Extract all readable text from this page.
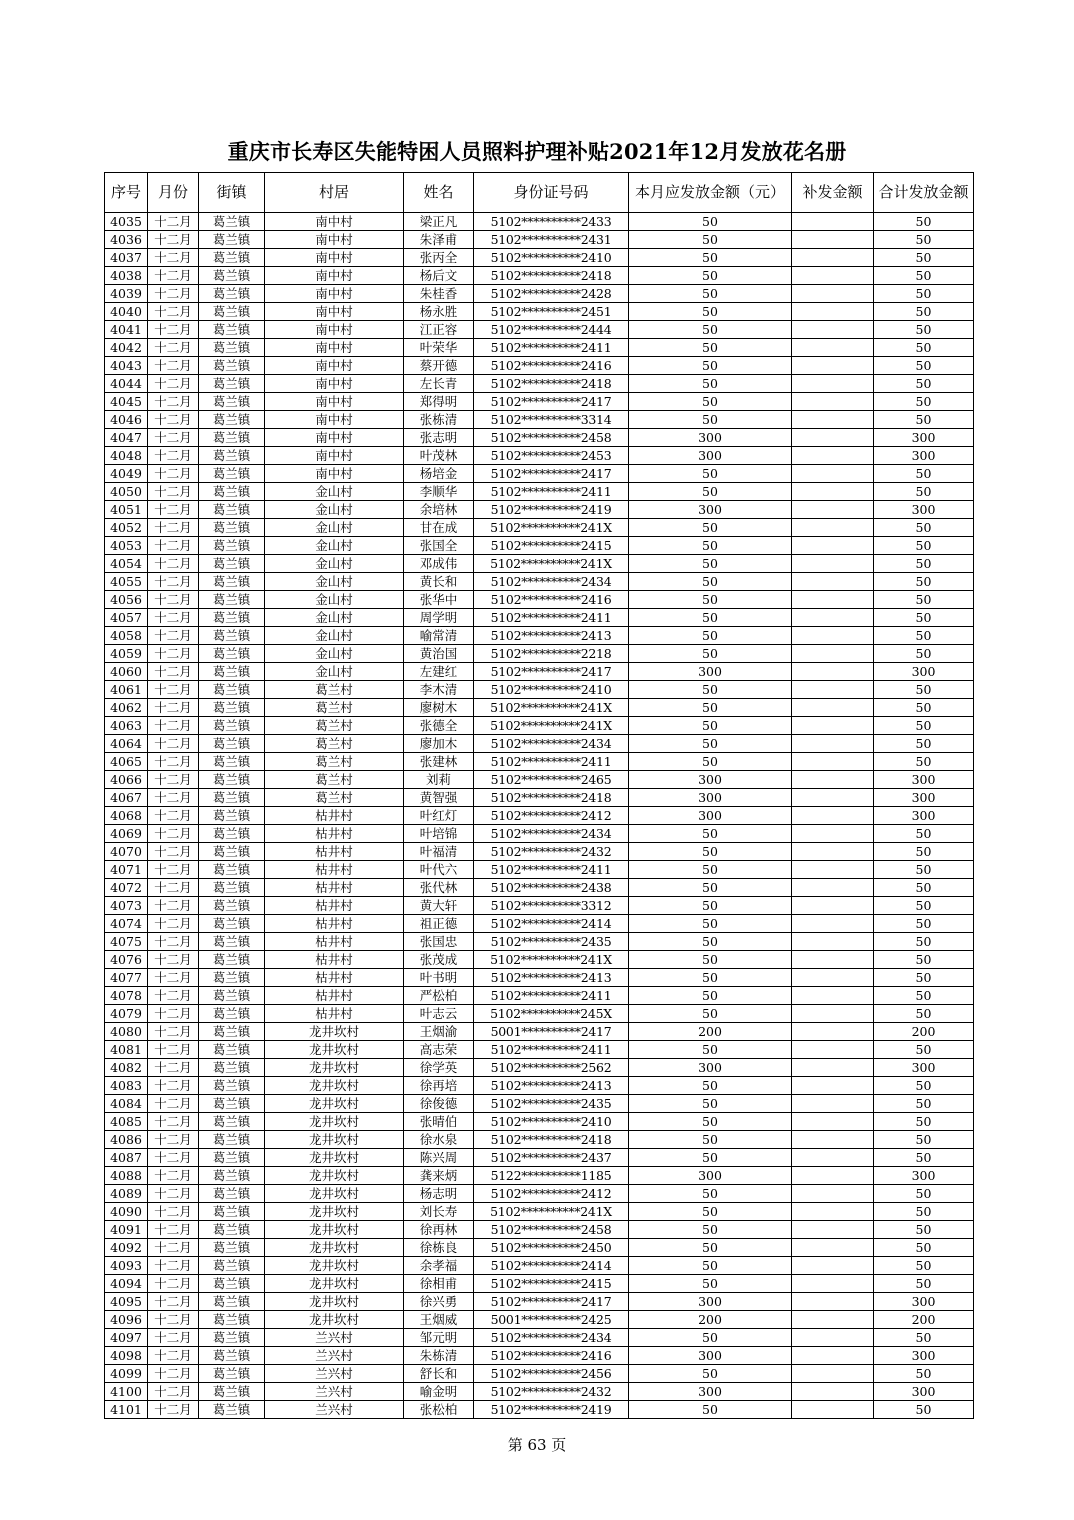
重庆市长寿区失能特困人员照料护理补贴2021年12月发放花名册
序号	月份	街镇	村居	姓名	身份证号码	本月应发放金额（元）	补发金额	合计发放金额
4035	十二月	葛兰镇	南中村	梁正凡	5102**********2433	50		50
4036	十二月	葛兰镇	南中村	朱泽甫	5102**********2431	50		50
4037	十二月	葛兰镇	南中村	张丙全	5102**********2410	50		50
4038	十二月	葛兰镇	南中村	杨后文	5102**********2418	50		50
4039	十二月	葛兰镇	南中村	朱桂香	5102**********2428	50		50
4040	十二月	葛兰镇	南中村	杨永胜	5102**********2451	50		50
4041	十二月	葛兰镇	南中村	江正容	5102**********2444	50		50
4042	十二月	葛兰镇	南中村	叶荣华	5102**********2411	50		50
4043	十二月	葛兰镇	南中村	蔡开德	5102**********2416	50		50
4044	十二月	葛兰镇	南中村	左长青	5102**********2418	50		50
4045	十二月	葛兰镇	南中村	郑得明	5102**********2417	50		50
4046	十二月	葛兰镇	南中村	张栋清	5102**********3314	50		50
4047	十二月	葛兰镇	南中村	张志明	5102**********2458	300		300
4048	十二月	葛兰镇	南中村	叶茂林	5102**********2453	300		300
4049	十二月	葛兰镇	南中村	杨培金	5102**********2417	50		50
4050	十二月	葛兰镇	金山村	李顺华	5102**********2411	50		50
4051	十二月	葛兰镇	金山村	余培林	5102**********2419	300		300
4052	十二月	葛兰镇	金山村	甘在成	5102**********241X	50		50
4053	十二月	葛兰镇	金山村	张国全	5102**********2415	50		50
4054	十二月	葛兰镇	金山村	邓成伟	5102**********241X	50		50
4055	十二月	葛兰镇	金山村	黄长和	5102**********2434	50		50
4056	十二月	葛兰镇	金山村	张华中	5102**********2416	50		50
4057	十二月	葛兰镇	金山村	周学明	5102**********2411	50		50
4058	十二月	葛兰镇	金山村	喻常清	5102**********2413	50		50
4059	十二月	葛兰镇	金山村	黄治国	5102**********2218	50		50
4060	十二月	葛兰镇	金山村	左建红	5102**********2417	300		300
4061	十二月	葛兰镇	葛兰村	李木清	5102**********2410	50		50
4062	十二月	葛兰镇	葛兰村	廖树木	5102**********241X	50		50
4063	十二月	葛兰镇	葛兰村	张德全	5102**********241X	50		50
4064	十二月	葛兰镇	葛兰村	廖加木	5102**********2434	50		50
4065	十二月	葛兰镇	葛兰村	张建林	5102**********2411	50		50
4066	十二月	葛兰镇	葛兰村	刘莉	5102**********2465	300		300
4067	十二月	葛兰镇	葛兰村	黄智强	5102**********2418	300		300
4068	十二月	葛兰镇	枯井村	叶红灯	5102**********2412	300		300
4069	十二月	葛兰镇	枯井村	叶培锦	5102**********2434	50		50
4070	十二月	葛兰镇	枯井村	叶福清	5102**********2432	50		50
4071	十二月	葛兰镇	枯井村	叶代六	5102**********2411	50		50
4072	十二月	葛兰镇	枯井村	张代林	5102**********2438	50		50
4073	十二月	葛兰镇	枯井村	黄大轩	5102**********3312	50		50
4074	十二月	葛兰镇	枯井村	祖正德	5102**********2414	50		50
4075	十二月	葛兰镇	枯井村	张国忠	5102**********2435	50		50
4076	十二月	葛兰镇	枯井村	张茂成	5102**********241X	50		50
4077	十二月	葛兰镇	枯井村	叶书明	5102**********2413	50		50
4078	十二月	葛兰镇	枯井村	严松柏	5102**********2411	50		50
4079	十二月	葛兰镇	枯井村	叶志云	5102**********245X	50		50
4080	十二月	葛兰镇	龙井坎村	王烟渝	5001**********2417	200		200
4081	十二月	葛兰镇	龙井坎村	高志荣	5102**********2411	50		50
4082	十二月	葛兰镇	龙井坎村	徐学英	5102**********2562	300		300
4083	十二月	葛兰镇	龙井坎村	徐再培	5102**********2413	50		50
4084	十二月	葛兰镇	龙井坎村	徐俊德	5102**********2435	50		50
4085	十二月	葛兰镇	龙井坎村	张晴伯	5102**********2410	50		50
4086	十二月	葛兰镇	龙井坎村	徐水泉	5102**********2418	50		50
4087	十二月	葛兰镇	龙井坎村	陈兴周	5102**********2437	50		50
4088	十二月	葛兰镇	龙井坎村	龚来炳	5122**********1185	300		300
4089	十二月	葛兰镇	龙井坎村	杨志明	5102**********2412	50		50
4090	十二月	葛兰镇	龙井坎村	刘长寿	5102**********241X	50		50
4091	十二月	葛兰镇	龙井坎村	徐再林	5102**********2458	50		50
4092	十二月	葛兰镇	龙井坎村	徐栋良	5102**********2450	50		50
4093	十二月	葛兰镇	龙井坎村	余孝福	5102**********2414	50		50
4094	十二月	葛兰镇	龙井坎村	徐相甫	5102**********2415	50		50
4095	十二月	葛兰镇	龙井坎村	徐兴勇	5102**********2417	300		300
4096	十二月	葛兰镇	龙井坎村	王烟威	5001**********2425	200		200
4097	十二月	葛兰镇	兰兴村	邹元明	5102**********2434	50		50
4098	十二月	葛兰镇	兰兴村	朱栋清	5102**********2416	300		300
4099	十二月	葛兰镇	兰兴村	舒长和	5102**********2456	50		50
4100	十二月	葛兰镇	兰兴村	喻金明	5102**********2432	300		300
4101	十二月	葛兰镇	兰兴村	张松柏	5102**********2419	50		50
第 63 页
